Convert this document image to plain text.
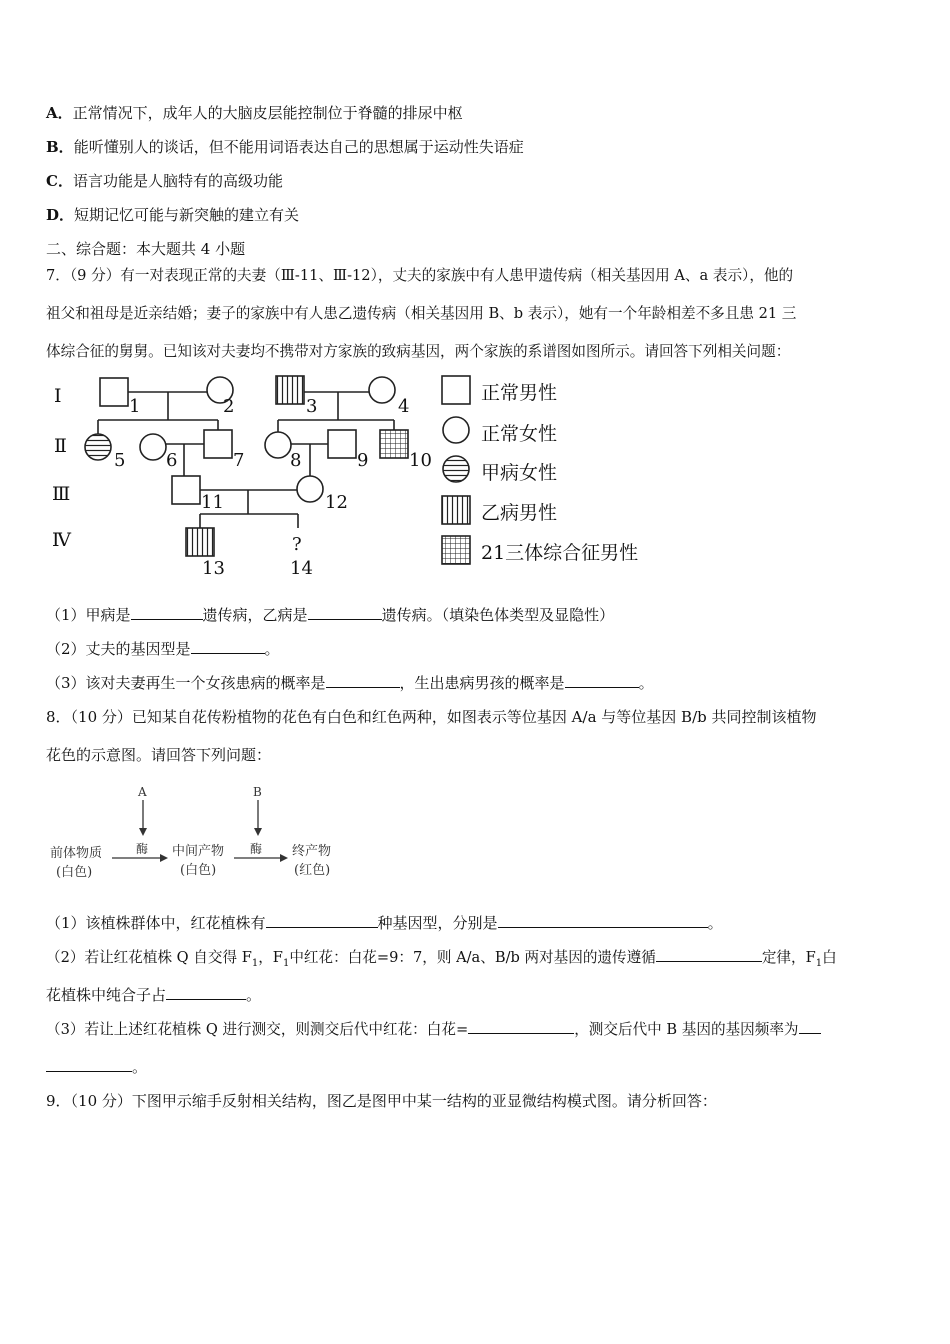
A．正常情况下，成年人的大脑皮层能控制位于脊髓的排尿中枢
B．能听懂别人的谈话，但不能用词语表达自己的思想属于运动性失语症
C．语言功能是人脑特有的高级功能
D．短期记忆可能与新突触的建立有关
二、综合题：本大题共 4 小题
7．（9 分）有一对表现正常的夫妻（Ⅲ-11、Ⅲ-12），丈夫的家族中有人患甲遗传病（相关基因用 A、a 表示），他的
祖父和祖母是近亲结婚；妻子的家族中有人患乙遗传病（相关基因用 B、b 表示），她有一个年龄相差不多且患 21 三
体综合征的舅舅。已知该对夫妻均不携带对方家族的致病基因，两个家族的系谱图如图所示。请回答下列相关问题：
Ⅰ
Ⅱ
Ⅲ
Ⅳ
1	2	3	4
5 6	7	8	9 10
11	12
13	14
?
正常男性
正常女性
甲病女性
乙病男性
21三体综合征男性
（1）甲病是	遗传病，乙病是	遗传病。（填染色体类型及显隐性）
（2）丈夫的基因型是	。
（3）该对夫妻再生一个女孩患病的概率是	，生出患病男孩的概率是	。
8．（10 分）已知某自花传粉植物的花色有白色和红色两种，如图表示等位基因 A/a 与等位基因 B/b 共同控制该植物
花色的示意图。请回答下列问题：
A	B
酶	酶
前体物质
(白色)
中间产物
(白色)
终产物
(红色)
（1）该植株群体中，红花植株有	种基因型，分别是	。
（2）若让红花植株 Q 自交得 $F_1$，$F_1$中红花：白花=9：7，则 A/a、B/b 两对基因的遗传遵循	定律，$F_1$白
花植株中纯合子占	。
（3）若让上述红花植株 Q 进行测交，则测交后代中红花：白花=	，测交后代中 B 基因的基因频率为
。
9．（10 分）下图甲示缩手反射相关结构，图乙是图甲中某一结构的亚显微结构模式图。请分析回答：
